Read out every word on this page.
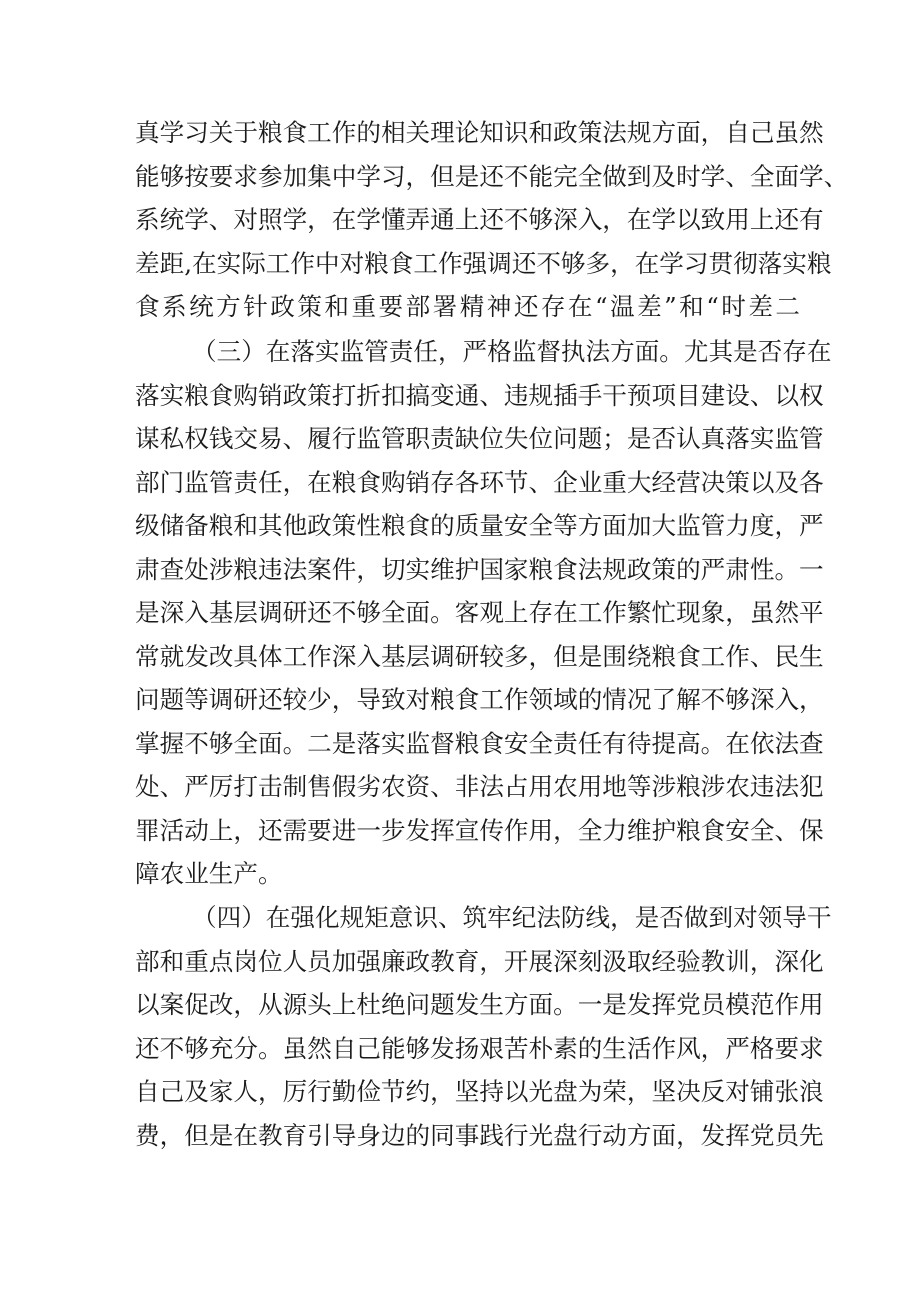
真学习关于粮食工作的相关理论知识和政策法规方面，自己虽然
能够按要求参加集中学习，但是还不能完全做到及时学、全面学、
系统学、对照学，在学懂弄通上还不够深入，在学以致用上还有
差距,在实际工作中对粮食工作强调还不够多，在学习贯彻落实粮
食系统方针政策和重要部署精神还存在“温差”和“时差二
（三）在落实监管责任，严格监督执法方面。尤其是否存在
落实粮食购销政策打折扣搞变通、违规插手干预项目建设、以权
谋私权钱交易、履行监管职责缺位失位问题；是否认真落实监管
部门监管责任，在粮食购销存各环节、企业重大经营决策以及各
级储备粮和其他政策性粮食的质量安全等方面加大监管力度，严
肃查处涉粮违法案件，切实维护国家粮食法规政策的严肃性。一
是深入基层调研还不够全面。客观上存在工作繁忙现象，虽然平
常就发改具体工作深入基层调研较多，但是围绕粮食工作、民生
问题等调研还较少，导致对粮食工作领域的情况了解不够深入，
掌握不够全面。二是落实监督粮食安全责任有待提高。在依法查
处、严厉打击制售假劣农资、非法占用农用地等涉粮涉农违法犯
罪活动上，还需要进一步发挥宣传作用，全力维护粮食安全、保
障农业生产。
（四）在强化规矩意识、筑牢纪法防线，是否做到对领导干
部和重点岗位人员加强廉政教育，开展深刻汲取经验教训，深化
以案促改，从源头上杜绝问题发生方面。一是发挥党员模范作用
还不够充分。虽然自己能够发扬艰苦朴素的生活作风，严格要求
自己及家人，厉行勤俭节约，坚持以光盘为荣，坚决反对铺张浪
费，但是在教育引导身边的同事践行光盘行动方面，发挥党员先
